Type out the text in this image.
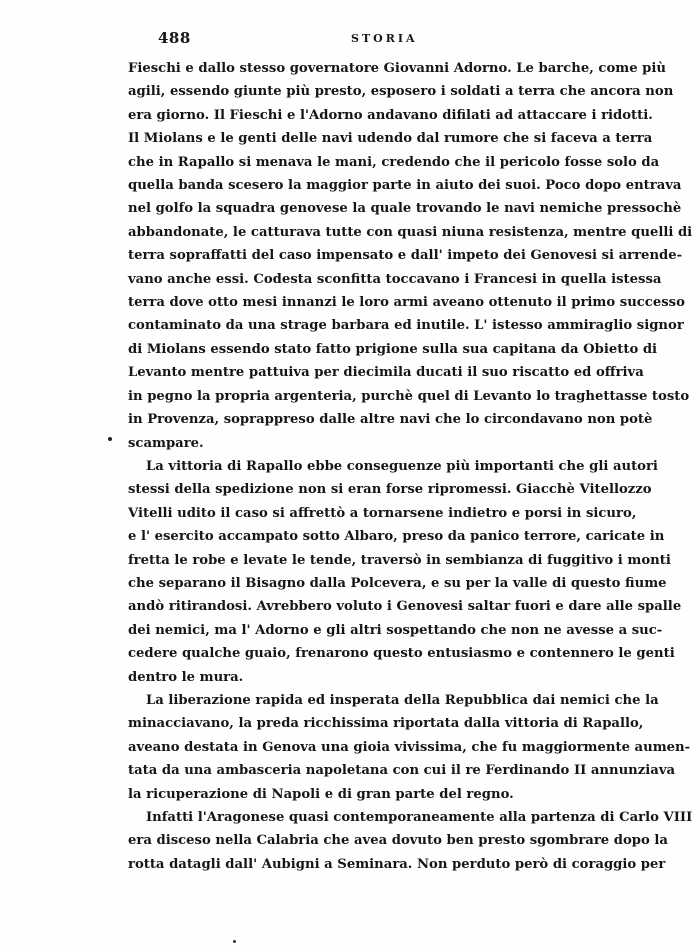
488	STORIA

Fieschi e dallo stesso governatore Giovanni Adorno. Le barche, come più
agili, essendo giunte più presto, esposero i soldati a terra che ancora non
era giorno. Il Fieschi e l'Adorno andavano difilati ad attaccare i ridotti.
Il Miolans e le genti delle navi udendo dal rumore che si faceva a terra
che in Rapallo si menava le mani, credendo che il pericolo fosse solo da
quella banda scesero la maggior parte in aiuto dei suoi. Poco dopo entrava
nel golfo la squadra genovese la quale trovando le navi nemiche pressochè
abbandonate, le catturava tutte con quasi niuna resistenza, mentre quelli di
terra sopraffatti del caso impensato e dall' impeto dei Genovesi si arrende-
vano anche essi. Codesta sconfitta toccavano i Francesi in quella istessa
terra dove otto mesi innanzi le loro armi aveano ottenuto il primo successo
contaminato da una strage barbara ed inutile. L' istesso ammiraglio signor
di Miolans essendo stato fatto prigione sulla sua capitana da Obietto di
Levanto mentre pattuiva per diecimila ducati il suo riscatto ed offriva
in pegno la propria argenteria, purchè quel di Levanto lo traghettasse tosto
in Provenza, soprappreso dalle altre navi che lo circondavano non potè
scampare.

La vittoria di Rapallo ebbe conseguenze più importanti che gli autori
stessi della spedizione non si eran forse ripromessi. Giacchè Vitellozzo
Vitelli udito il caso si affrettò a tornarsene indietro e porsi in sicuro,
e l' esercito accampato sotto Albaro, preso da panico terrore, caricate in
fretta le robe e levate le tende, traversò in sembianza di fuggitivo i monti
che separano il Bisagno dalla Polcevera, e su per la valle di questo fiume
andò ritirandosi. Avrebbero voluto i Genovesi saltar fuori e dare alle spalle
dei nemici, ma l' Adorno e gli altri sospettando che non ne avesse a suc-
cedere qualche guaio, frenarono questo entusiasmo e contennero le genti
dentro le mura.

La liberazione rapida ed insperata della Repubblica dai nemici che la
minacciavano, la preda ricchissima riportata dalla vittoria di Rapallo,
aveano destata in Genova una gioia vivissima, che fu maggiormente aumen-
tata da una ambasceria napoletana con cui il re Ferdinando II annunziava
la ricuperazione di Napoli e di gran parte del regno.

Infatti l'Aragonese quasi contemporaneamente alla partenza di Carlo VIII
era disceso nella Calabria che avea dovuto ben presto sgombrare dopo la
rotta datagli dall' Aubigni a Seminara. Non perduto però di coraggio per
